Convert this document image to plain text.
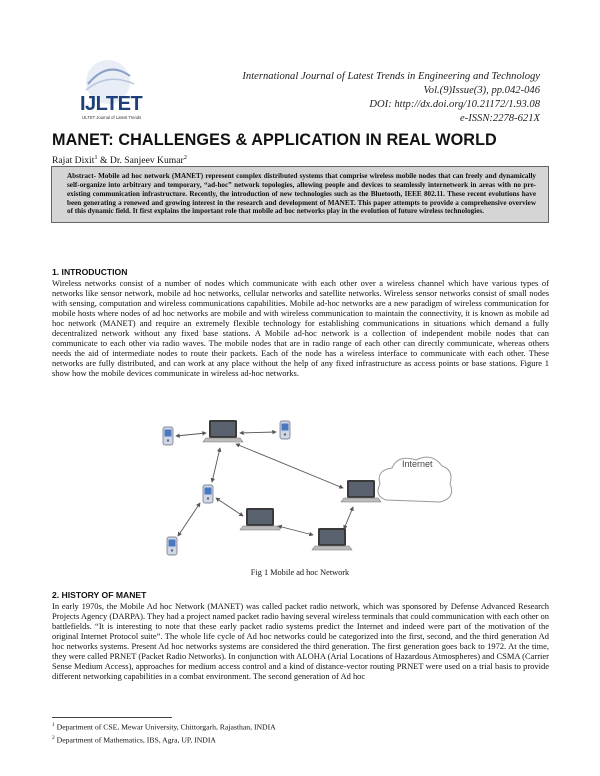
IJLTET
IJLTET Journal of Latest Trends
International Journal of Latest Trends in Engineering and Technology
Vol.(9)Issue(3), pp.042-046
DOI: http://dx.doi.org/10.21172/1.93.08
e-ISSN:2278-621X
MANET: CHALLENGES & APPLICATION IN REAL WORLD
Rajat Dixit$^1$ & Dr. Sanjeev Kumar$^2$
Abstract- Mobile ad hoc network (MANET) represent complex distributed systems that comprise wireless mobile nodes that can freely and dynamically self-organize into arbitrary and temporary, “ad-hoc” network topologies, allowing people and devices to seamlessly internetwork in areas with no pre-existing communication infrastructure. Recently, the introduction of new technologies such as the Bluetooth, IEEE 802.11. These recent evolutions have been generating a renewed and growing interest in the research and development of MANET. This paper attempts to provide a comprehensive overview of this dynamic field. It first explains the important role that mobile ad hoc networks play in the evolution of future wireless technologies.
1. INTRODUCTION
Wireless networks consist of a number of nodes which communicate with each other over a wireless channel which have various types of networks like sensor network, mobile ad hoc networks, cellular networks and satellite networks. Wireless sensor networks consist of small nodes with sensing, computation and wireless communications capabilities. Mobile ad-hoc networks are a new paradigm of wireless communication for mobile hosts where nodes of ad hoc networks are mobile and with wireless communication to maintain the connectivity, it is known as mobile ad hoc network (MANET) and require an extremely flexible technology for establishing communications in situations which demand a fully decentralized network without any fixed base stations. A Mobile ad-hoc network is a collection of independent mobile nodes that can communicate to each other via radio waves. The mobile nodes that are in radio range of each other can directly communicate, whereas others needs the aid of intermediate nodes to route their packets. Each of the node has a wireless interface to communicate with each other. These networks are fully distributed, and can work at any place without the help of any fixed infrastructure as access points or base stations. Figure 1 show how the mobile devices communicate in wireless ad-hoc networks.
Internet
Fig 1 Mobile ad hoc Network
2. HISTORY OF MANET
In early 1970s, the Mobile Ad hoc Network (MANET) was called packet radio network, which was sponsored by Defense Advanced Research Projects Agency (DARPA). They had a project named packet radio having several wireless terminals that could communication with each other on battlefields. “It is interesting to note that these early packet radio systems predict the Internet and indeed were part of the motivation of the original Internet Protocol suite”. The whole life cycle of Ad hoc networks could be categorized into the first, second, and the third generation Ad hoc networks systems. Present Ad hoc networks systems are considered the third generation. The first generation goes back to 1972. At the time, they were called PRNET (Packet Radio Networks). In conjunction with ALOHA (Arial Locations of Hazardous Atmospheres) and CSMA (Carrier Sense Medium Access), approaches for medium access control and a kind of distance-vector routing PRNET were used on a trial basis to provide different networking capabilities in a combat environment. The second generation of Ad hoc
$^1$ Department of CSE, Mewar University, Chittorgarh, Rajasthan, INDIA
$^2$ Department of Mathematics, IBS, Agra, UP, INDIA
